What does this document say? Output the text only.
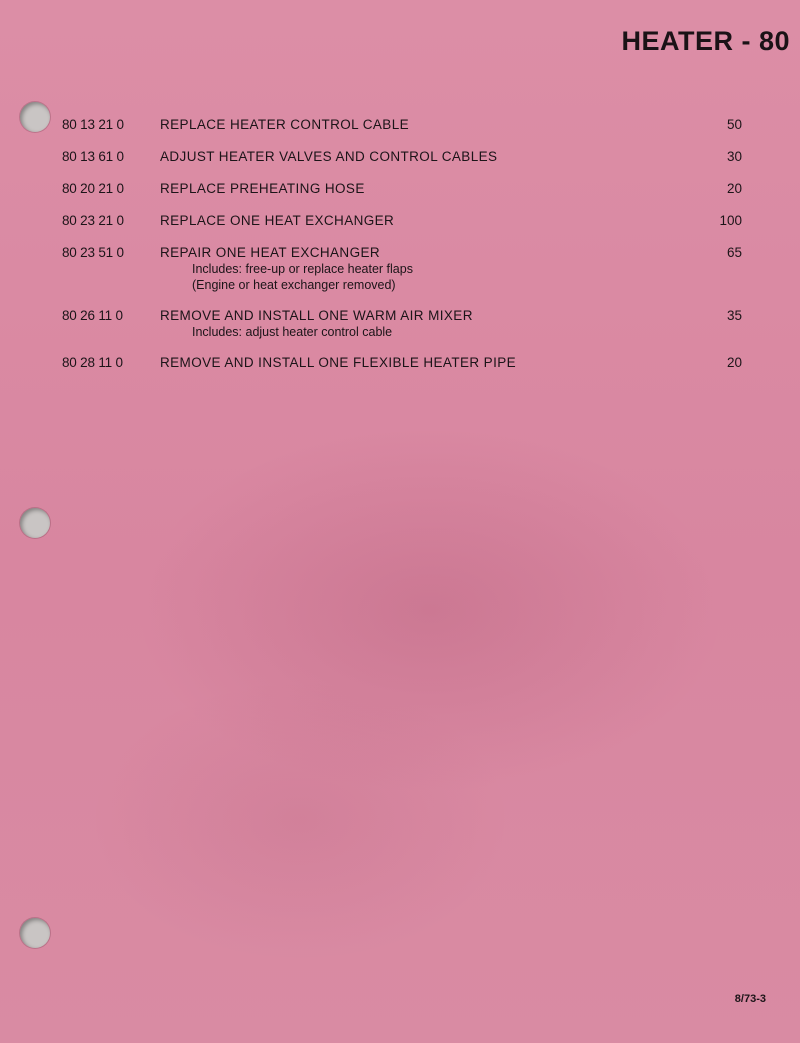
HEATER - 80
80 13 21 0	REPLACE HEATER CONTROL CABLE	50
80 13 61 0	ADJUST HEATER VALVES AND CONTROL CABLES	30
80 20 21 0	REPLACE PREHEATING HOSE	20
80 23 21 0	REPLACE ONE HEAT EXCHANGER	100
80 23 51 0	REPAIR ONE HEAT EXCHANGER	65
Includes: free-up or replace heater flaps
(Engine or heat exchanger removed)
80 26 11 0	REMOVE AND INSTALL ONE WARM AIR MIXER	35
Includes: adjust heater control cable
80 28 11 0	REMOVE AND INSTALL ONE FLEXIBLE HEATER PIPE	20
8/73-3
